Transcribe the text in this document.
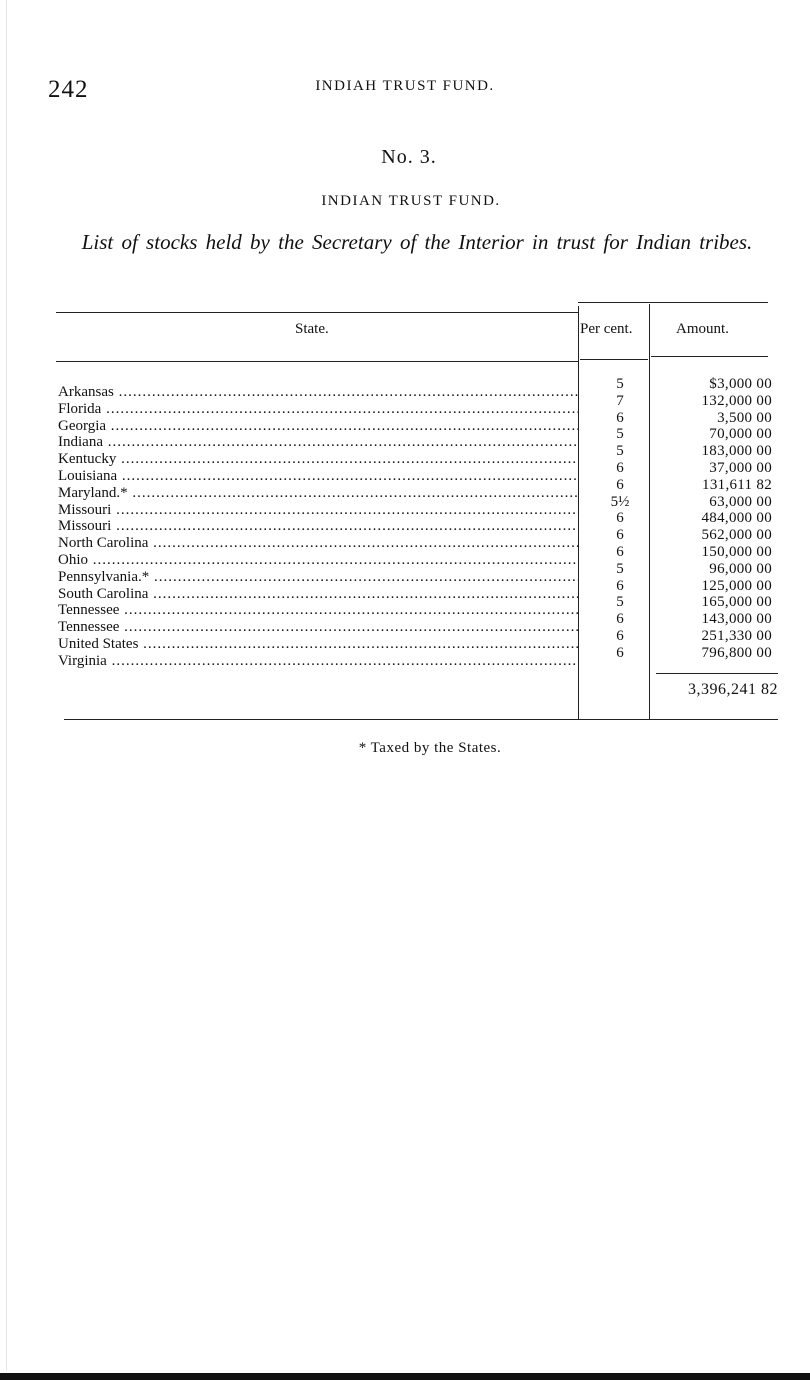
242	INDIAH TRUST FUND.
No. 3.
INDIAN TRUST FUND.
List of stocks held by the Secretary of the Interior in trust for Indian tribes.
State.	Per cent.	Amount.
Arkansas .....	5	$3,000 00
Florida .....	7	132,000 00
Georgia .....	6	3,500 00
Indiana .....	5	70,000 00
Kentucky .....	5	183,000 00
Louisiana .....	6	37,000 00
Maryland.* .....	6	131,611 82
Missouri .....	5½	63,000 00
Missouri .....	6	484,000 00
North Carolina .....	6	562,000 00
Ohio .....	6	150,000 00
Pennsylvania.* .....	5	96,000 00
South Carolina .....	6	125,000 00
Tennessee .....	5	165,000 00
Tennessee .....	6	143,000 00
United States .....	6	251,330 00
Virginia .....	6	796,800 00
3,396,241 82
* Taxed by the States.
